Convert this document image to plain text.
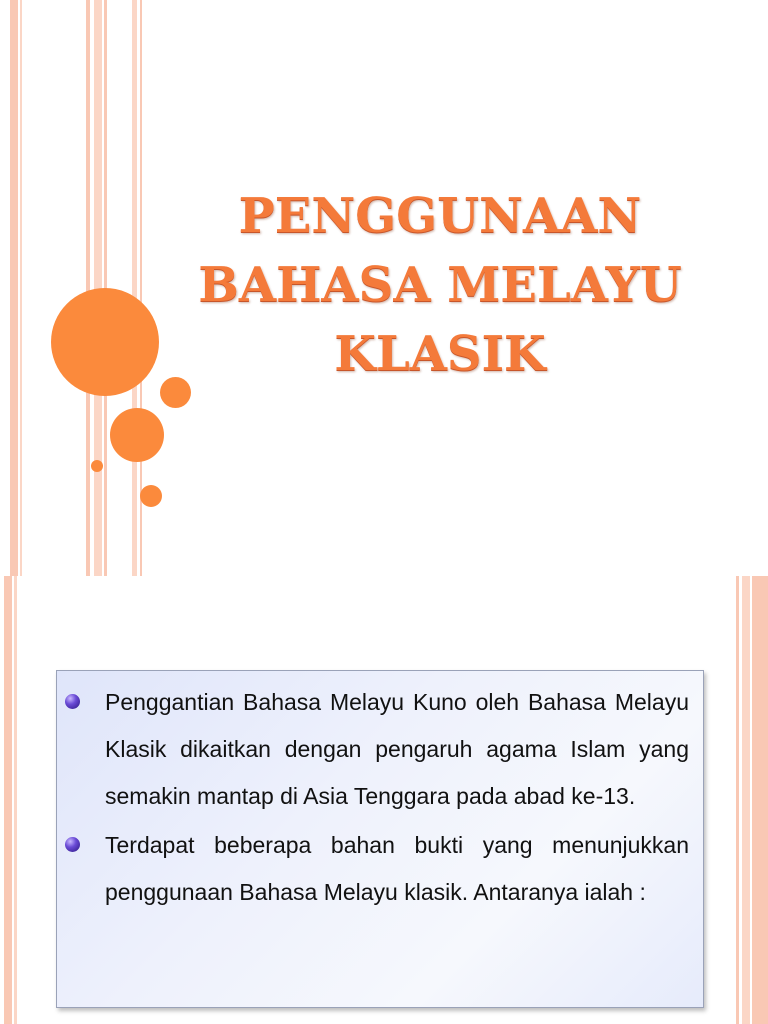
PENGGUNAAN
BAHASA MELAYU
KLASIK
Penggantian Bahasa Melayu Kuno oleh Bahasa Melayu Klasik dikaitkan dengan pengaruh agama Islam yang semakin mantap di Asia Tenggara pada abad ke-13.
Terdapat beberapa bahan bukti yang menunjukkan penggunaan Bahasa Melayu klasik. Antaranya ialah :
